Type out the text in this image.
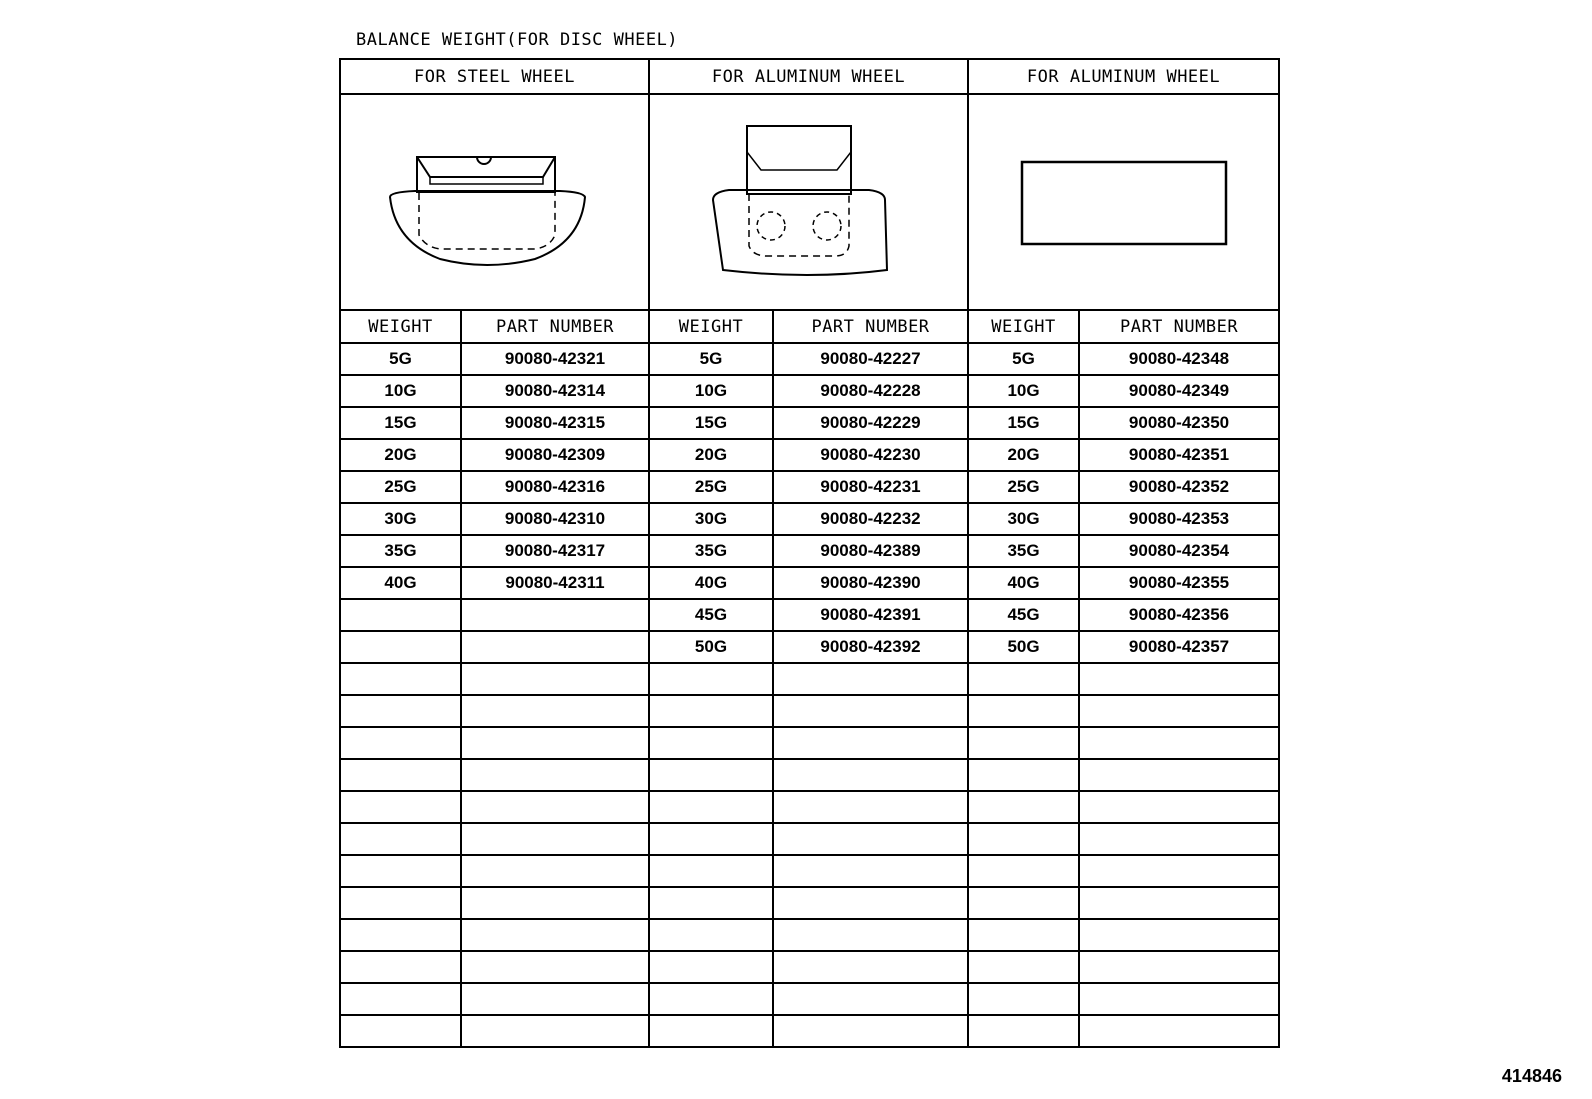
BALANCE WEIGHT(FOR DISC WHEEL)
FOR STEEL WHEEL		FOR ALUMINUM WHEEL		FOR ALUMINUM WHEEL	

WEIGHT	PART NUMBER	WEIGHT	PART NUMBER	WEIGHT	PART NUMBER
5G	90080-42321	5G	90080-42227	5G	90080-42348
10G	90080-42314	10G	90080-42228	10G	90080-42349
15G	90080-42315	15G	90080-42229	15G	90080-42350
20G	90080-42309	20G	90080-42230	20G	90080-42351
25G	90080-42316	25G	90080-42231	25G	90080-42352
30G	90080-42310	30G	90080-42232	30G	90080-42353
35G	90080-42317	35G	90080-42389	35G	90080-42354
40G	90080-42311	40G	90080-42390	40G	90080-42355
		45G	90080-42391	45G	90080-42356
		50G	90080-42392	50G	90080-42357

414846
